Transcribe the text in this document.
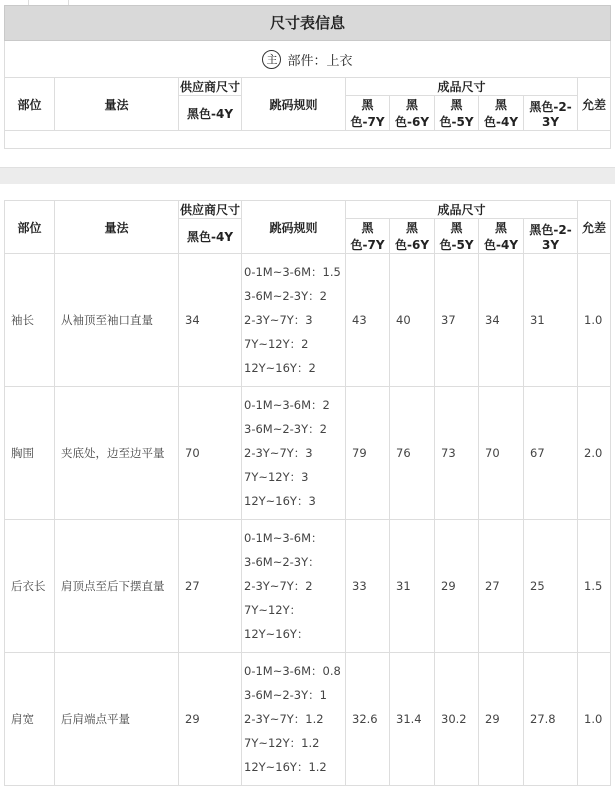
尺寸表信息
主 部件：上衣
部位	量法	供应商尺寸	跳码规则	成品尺寸					允差
		黑色-4Y		黑色-7Y	黑色-6Y	黑色-5Y	黑色-4Y	黑色-2-3Y	
部位	量法	供应商尺寸	跳码规则	成品尺寸					允差
		黑色-4Y		黑色-7Y	黑色-6Y	黑色-5Y	黑色-4Y	黑色-2-3Y	
袖长	从袖顶至袖口直量	34	0-1M~3-6M：1.5
3-6M~2-3Y：2
2-3Y~7Y：3
7Y~12Y：2
12Y~16Y：2	43	40	37	34	31	1.0
胸围	夹底处，边至边平量	70	0-1M~3-6M：2
3-6M~2-3Y：2
2-3Y~7Y：3
7Y~12Y：3
12Y~16Y：3	79	76	73	70	67	2.0
后衣长	肩顶点至后下摆直量	27	0-1M~3-6M：
3-6M~2-3Y：
2-3Y~7Y：2
7Y~12Y：
12Y~16Y：	33	31	29	27	25	1.5
肩宽	后肩端点平量	29	0-1M~3-6M：0.8
3-6M~2-3Y：1
2-3Y~7Y：1.2
7Y~12Y：1.2
12Y~16Y：1.2	32.6	31.4	30.2	29	27.8	1.0
